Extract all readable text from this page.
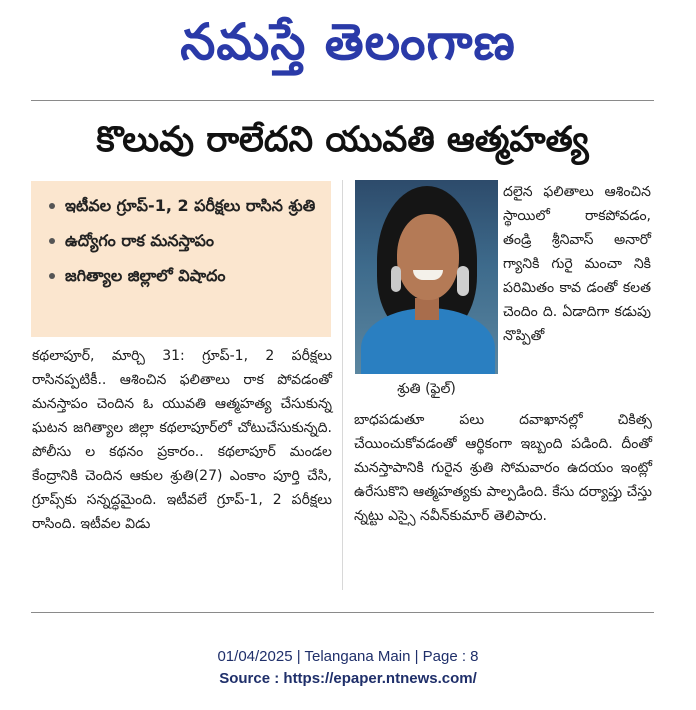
నమస్తే తెలంగాణ
కొలువు రాలేదని యువతి ఆత్మహత్య
ఇటీవల గ్రూప్-1, 2 పరీక్షలు రాసిన శ్రుతి
ఉద్యోగం రాక మనస్తాపం
జగిత్యాల జిల్లాలో విషాదం
శ్రుతి (ఫైల్)

కథలాపూర్, మార్చి 31: గ్రూప్-1, 2 పరీక్షలు రాసినప్పటికీ.. ఆశించిన ఫలితాలు రాక పోవడంతో మనస్తాపం చెందిన ఓ యువతి ఆత్మహత్య చేసుకున్న ఘటన జగిత్యాల జిల్లా కథలాపూర్‌లో చోటుచేసుకున్నది. పోలీసు ల కథనం ప్రకారం.. కథలాపూర్ మండల కేంద్రానికి చెందిన ఆకుల శ్రుతి(27) ఎంకాం పూర్తి చేసి, గ్రూప్స్‌కు సన్నద్ధమైంది. ఇటీవలే గ్రూప్-1, 2 పరీక్షలు రాసింది. ఇటీవల విడు

దలైన ఫలితాలు ఆశించిన స్థాయిలో రాకపోవడం, తండ్రి శ్రీనివాస్ అనారో గ్యానికి గురై మంచా నికి పరిమితం కావ డంతో కలత చెందిం ది. ఏడాదిగా కడుపు నొప్పితో

బాధపడుతూ పలు దవాఖానల్లో చికిత్స చేయించుకోవడంతో ఆర్థికంగా ఇబ్బంది పడింది. దీంతో మనస్తాపానికి గురైన శ్రుతి సోమవారం ఉదయం ఇంట్లో ఉరేసుకొని ఆత్మహత్యకు పాల్పడింది. కేసు దర్యాప్తు చేస్తు న్నట్టు ఎస్సై నవీన్‌కుమార్ తెలిపారు.

01/04/2025 | Telangana Main | Page : 8
Source : https://epaper.ntnews.com/
